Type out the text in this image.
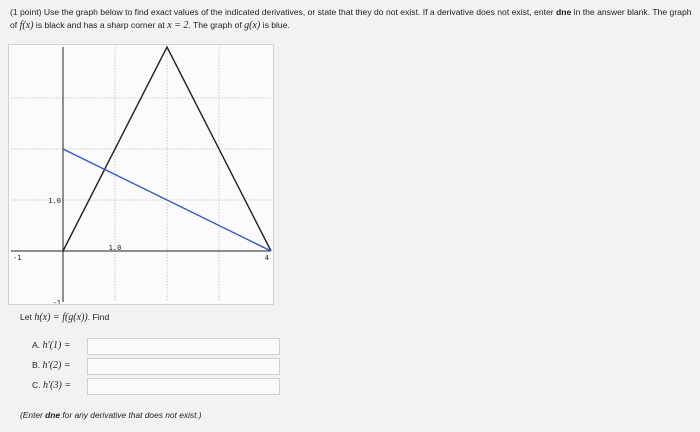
(1 point) Use the graph below to find exact values of the indicated derivatives, or state that they do not exist. If a derivative does not exist, enter dne in the answer blank. The graph of f(x) is black and has a sharp corner at x = 2. The graph of g(x) is blue.
-1
-1
1.0
1.0
4
Let h(x) = f(g(x)). Find
A. h′(1) =
B. h′(2) =
C. h′(3) =
(Enter dne for any derivative that does not exist.)
